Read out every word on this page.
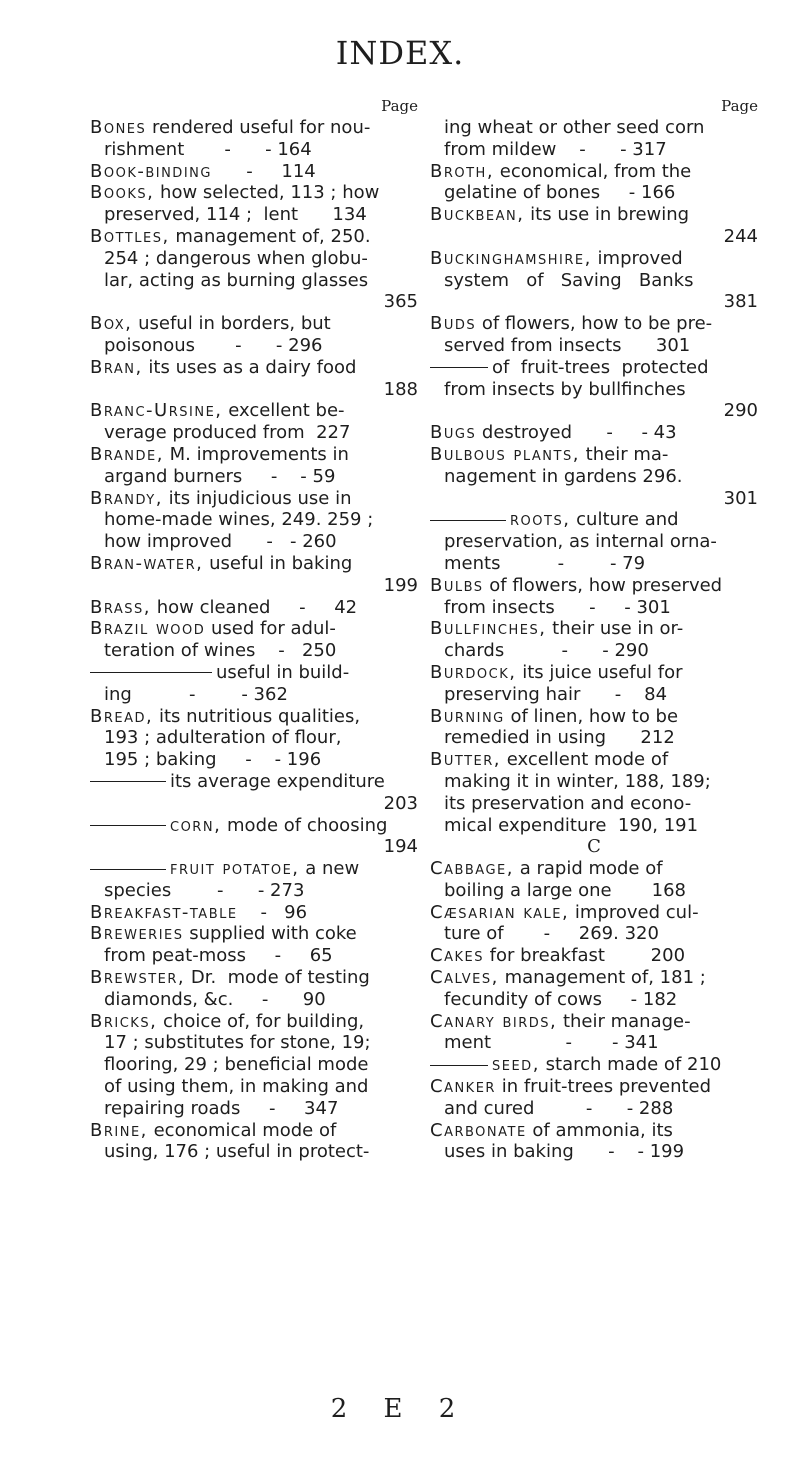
INDEX.
Page
Bones rendered useful for nou-
rishment       -      - 164
Book-binding      -     114
Books, how selected, 113 ; how
preserved, 114 ;  lent      134
Bottles, management of, 250.
254 ; dangerous when globu-
lar, acting as burning glasses
365
Box, useful in borders, but
poisonous       -      - 296
Bran, its uses as a dairy food
188
Branc-Ursine, excellent be-
verage produced from  227
Brande, M. improvements in
argand burners     -    - 59
Brandy, its injudicious use in
home-made wines, 249. 259 ;
how improved      -   - 260
Bran-water, useful in baking
199
Brass, how cleaned     -     42
Brazil wood used for adul-
teration of wines    -   250
useful in build-
ing          -        - 362
Bread, its nutritious qualities,
193 ; adulteration of flour,
195 ; baking     -    - 196
its average expenditure
203
corn, mode of choosing
194
fruit potatoe, a new
species        -      - 273
Breakfast-table    -   96
Breweries supplied with coke
from peat-moss     -     65
Brewster, Dr.  mode of testing
diamonds, &c.     -      90
Bricks, choice of, for building,
17 ; substitutes for stone, 19;
flooring, 29 ; beneficial mode
of using them, in making and
repairing roads     -     347
Brine, economical mode of
using, 176 ; useful in protect-
Page
ing wheat or other seed corn
from mildew    -      - 317
Broth, economical, from the
gelatine of bones     - 166
Buckbean, its use in brewing
244
Buckinghamshire, improved
system   of   Saving   Banks
381
Buds of flowers, how to be pre-
served from insects      301
of  fruit-trees  protected
from insects by bullfinches
290
Bugs destroyed      -     - 43
Bulbous plants, their ma-
nagement in gardens 296.
301
roots, culture and
preservation, as internal orna-
ments          -        - 79
Bulbs of flowers, how preserved
from insects      -     - 301
Bullfinches, their use in or-
chards          -      - 290
Burdock, its juice useful for
preserving hair      -    84
Burning of linen, how to be
remedied in using      212
Butter, excellent mode of
making it in winter, 188, 189;
its preservation and econo-
mical expenditure  190, 191
C
Cabbage, a rapid mode of
boiling a large one       168
Cæsarian kale, improved cul-
ture of       -     269. 320
Cakes for breakfast        200
Calves, management of, 181 ;
fecundity of cows     - 182
Canary birds, their manage-
ment             -       - 341
seed, starch made of 210
Canker in fruit-trees prevented
and cured         -      - 288
Carbonate of ammonia, its
uses in baking      -    - 199
2 E 2
